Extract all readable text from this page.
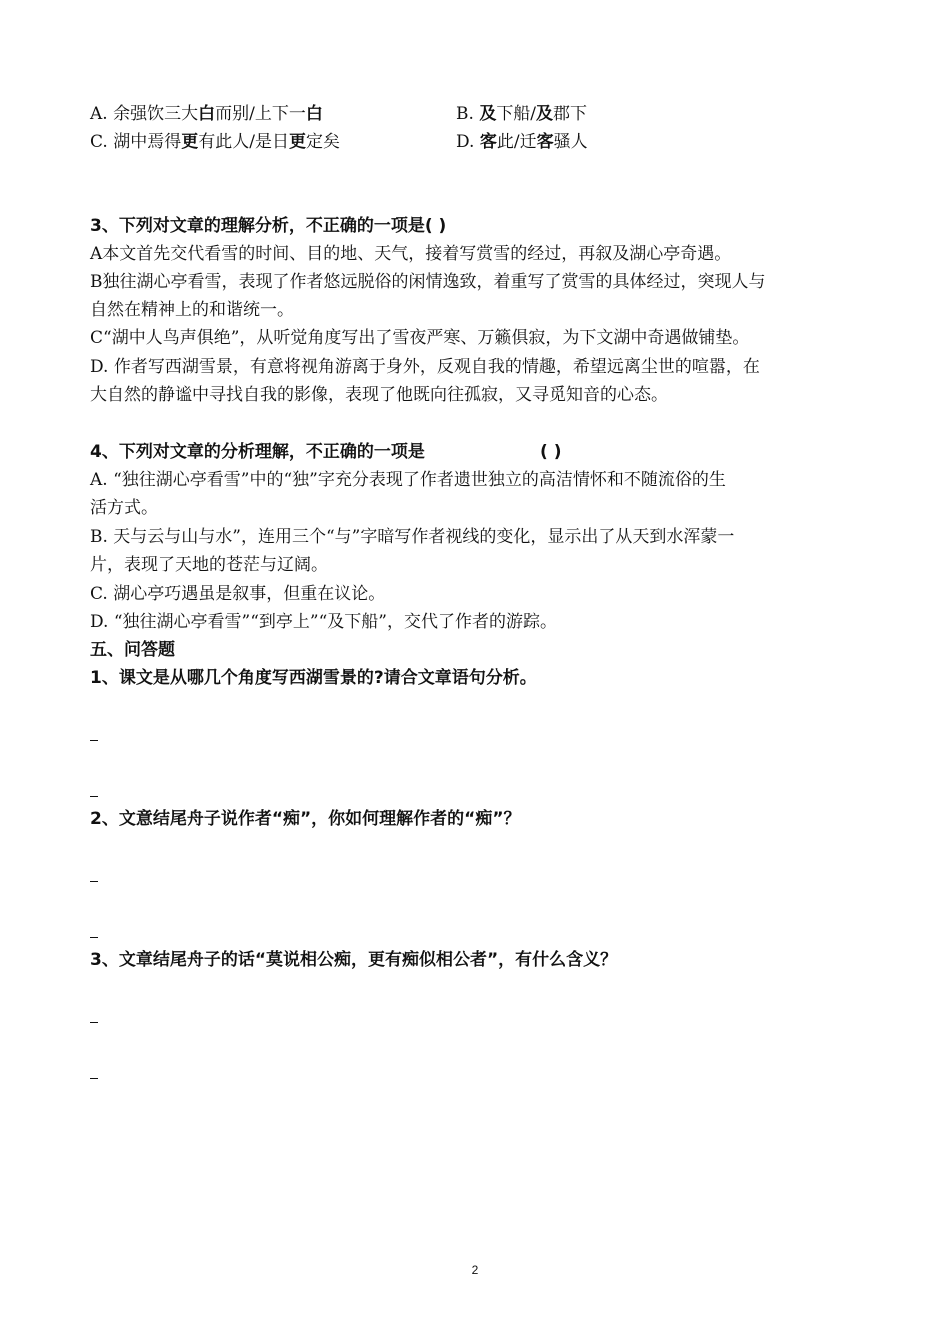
A. 余强饮三大白而别/上下一白	B. 及下船/及郡下
C. 湖中焉得更有此人/是日更定矣	D. 客此/迁客骚人
3、下列对文章的理解分析，不正确的一项是( )
A本文首先交代看雪的时间、目的地、天气，接着写赏雪的经过，再叙及湖心亭奇遇。
B独往湖心亭看雪，表现了作者悠远脱俗的闲情逸致，着重写了赏雪的具体经过，突现人与
自然在精神上的和谐统一。
C“湖中人鸟声俱绝”，从听觉角度写出了雪夜严寒、万籁俱寂，为下文湖中奇遇做铺垫。
D. 作者写西湖雪景，有意将视角游离于身外，反观自我的情趣，希望远离尘世的喧嚣，在
大自然的静谧中寻找自我的影像，表现了他既向往孤寂，又寻觅知音的心态。
4、下列对文章的分析理解，不正确的一项是	( )
A. “独往湖心亭看雪”中的“独”字充分表现了作者遗世独立的高洁情怀和不随流俗的生
活方式。
B. 天与云与山与水”，连用三个“与”字暗写作者视线的变化，显示出了从天到水浑蒙一
片，表现了天地的苍茫与辽阔。
C. 湖心亭巧遇虽是叙事，但重在议论。
D. “独往湖心亭看雪”“到亭上”“及下船”，交代了作者的游踪。
五、问答题
1、课文是从哪几个角度写西湖雪景的?请合文章语句分析。
2、文意结尾舟子说作者“痴”，你如何理解作者的“痴”？
3、文章结尾舟子的话“莫说相公痴，更有痴似相公者”，有什么含义？
2
